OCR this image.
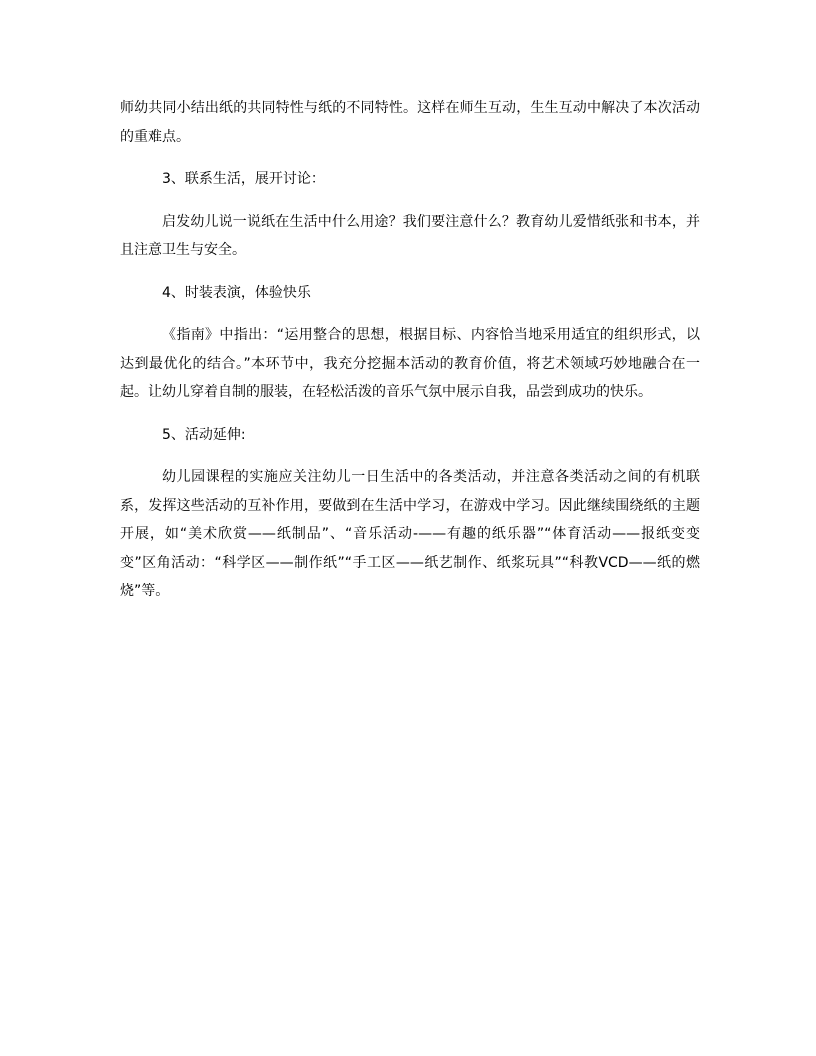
师幼共同小结出纸的共同特性与纸的不同特性。这样在师生互动，生生互动中解决了本次活动的重难点。

3、联系生活，展开讨论：

启发幼儿说一说纸在生活中什么用途？我们要注意什么？教育幼儿爱惜纸张和书本，并且注意卫生与安全。

4、时装表演，体验快乐

《指南》中指出：“运用整合的思想，根据目标、内容恰当地采用适宜的组织形式，以达到最优化的结合。”本环节中，我充分挖掘本活动的教育价值，将艺术领域巧妙地融合在一起。让幼儿穿着自制的服装，在轻松活泼的音乐气氛中展示自我，品尝到成功的快乐。

5、活动延伸:

幼儿园课程的实施应关注幼儿一日生活中的各类活动，并注意各类活动之间的有机联系，发挥这些活动的互补作用，要做到在生活中学习，在游戏中学习。因此继续围绕纸的主题开展，如“美术欣赏——纸制品”、“音乐活动-——有趣的纸乐器”“体育活动——报纸变变变”区角活动：“科学区——制作纸”“手工区——纸艺制作、纸浆玩具”“科教VCD——纸的燃烧”等。
